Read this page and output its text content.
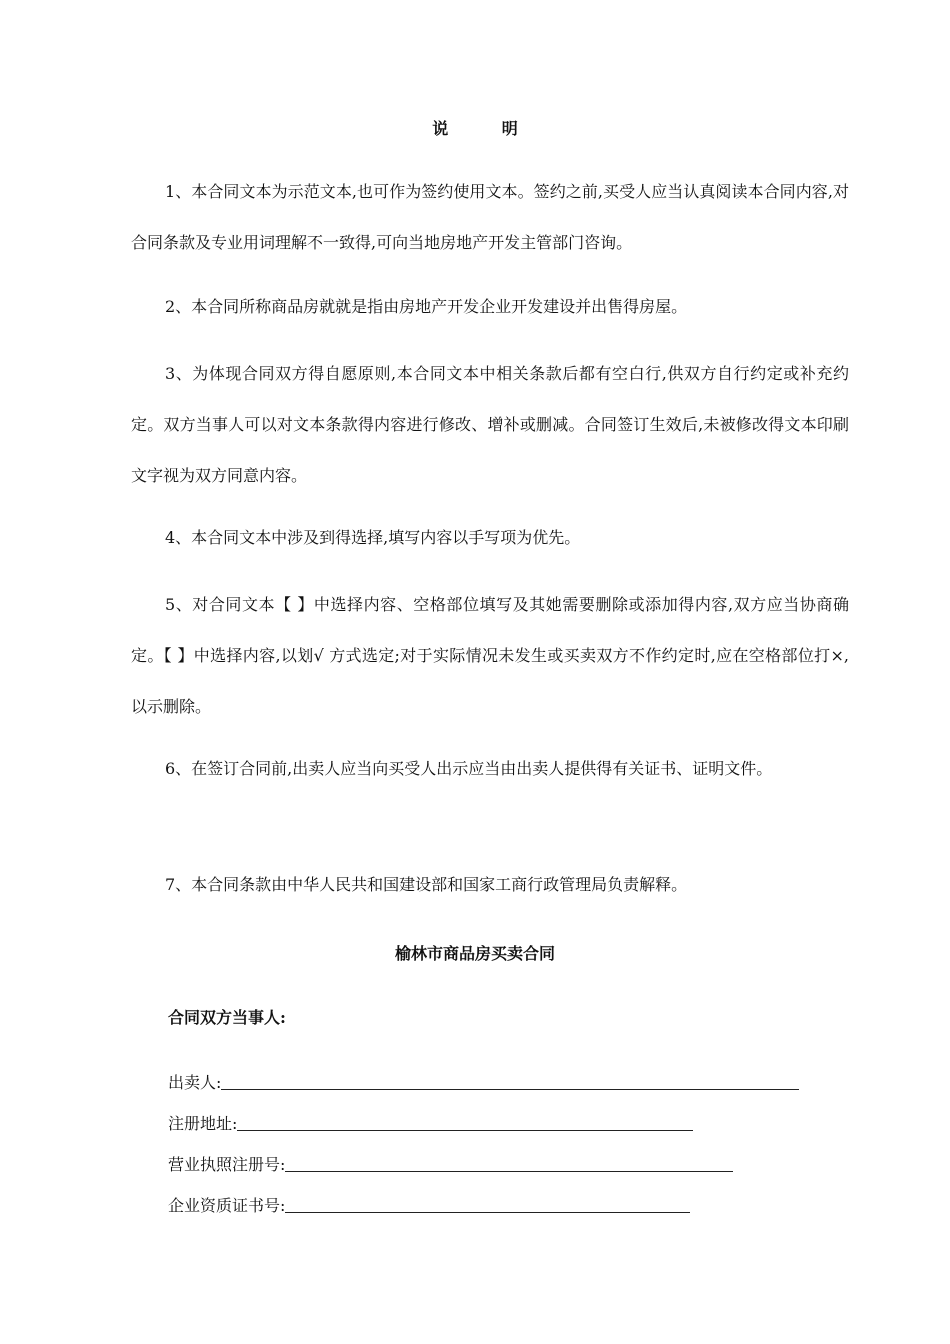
说 明

1、本合同文本为示范文本,也可作为签约使用文本。签约之前,买受人应当认真阅读本合同内容,对合同条款及专业用词理解不一致得,可向当地房地产开发主管部门咨询。

2、本合同所称商品房就就是指由房地产开发企业开发建设并出售得房屋。

3、为体现合同双方得自愿原则,本合同文本中相关条款后都有空白行,供双方自行约定或补充约定。双方当事人可以对文本条款得内容进行修改、增补或删减。合同签订生效后,未被修改得文本印刷文字视为双方同意内容。

4、本合同文本中涉及到得选择,填写内容以手写项为优先。

5、对合同文本【 】中选择内容、空格部位填写及其她需要删除或添加得内容,双方应当协商确定。【 】中选择内容,以划√ 方式选定;对于实际情况未发生或买卖双方不作约定时,应在空格部位打×,以示删除。

6、在签订合同前,出卖人应当向买受人出示应当由出卖人提供得有关证书、证明文件。

7、本合同条款由中华人民共和国建设部和国家工商行政管理局负责解释。

榆林市商品房买卖合同
合同双方当事人:
出卖人:
注册地址:
营业执照注册号:
企业资质证书号:
